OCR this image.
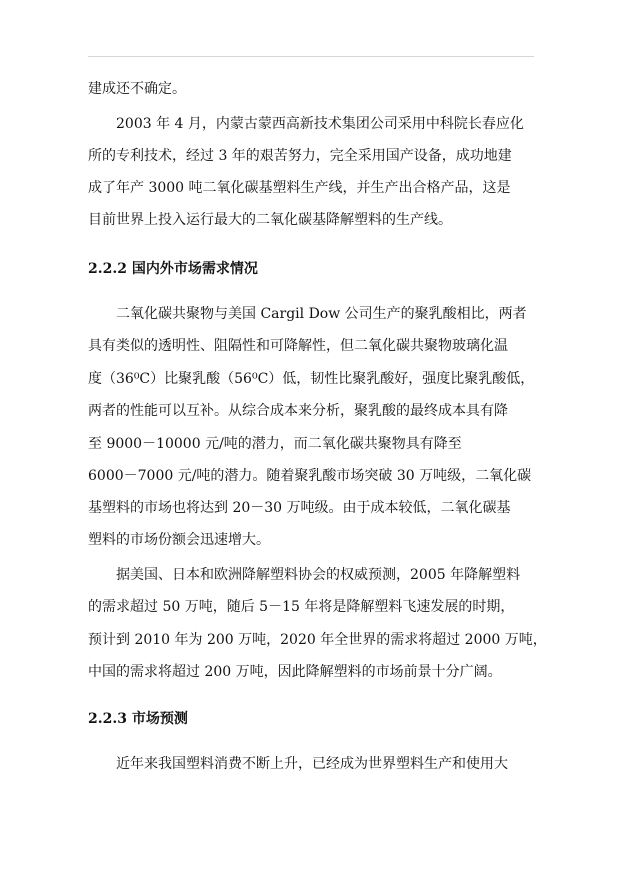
建成还不确定。
2003 年 4 月，内蒙古蒙西高新技术集团公司采用中科院长春应化
所的专利技术，经过 3 年的艰苦努力，完全采用国产设备，成功地建
成了年产 3000 吨二氧化碳基塑料生产线，并生产出合格产品，这是
目前世界上投入运行最大的二氧化碳基降解塑料的生产线。
2.2.2 国内外市场需求情况
二氧化碳共聚物与美国 Cargil Dow 公司生产的聚乳酸相比，两者
具有类似的透明性、阻隔性和可降解性，但二氧化碳共聚物玻璃化温
度（36⁰C）比聚乳酸（56⁰C）低，韧性比聚乳酸好，强度比聚乳酸低，
两者的性能可以互补。从综合成本来分析，聚乳酸的最终成本具有降
至 9000－10000 元/吨的潜力，而二氧化碳共聚物具有降至
6000－7000 元/吨的潜力。随着聚乳酸市场突破 30 万吨级，二氧化碳
基塑料的市场也将达到 20－30 万吨级。由于成本较低，二氧化碳基
塑料的市场份额会迅速增大。
据美国、日本和欧洲降解塑料协会的权威预测，2005 年降解塑料
的需求超过 50 万吨，随后 5－15 年将是降解塑料飞速发展的时期，
预计到 2010 年为 200 万吨，2020 年全世界的需求将超过 2000 万吨，
中国的需求将超过 200 万吨，因此降解塑料的市场前景十分广阔。
2.2.3 市场预测
近年来我国塑料消费不断上升，已经成为世界塑料生产和使用大
